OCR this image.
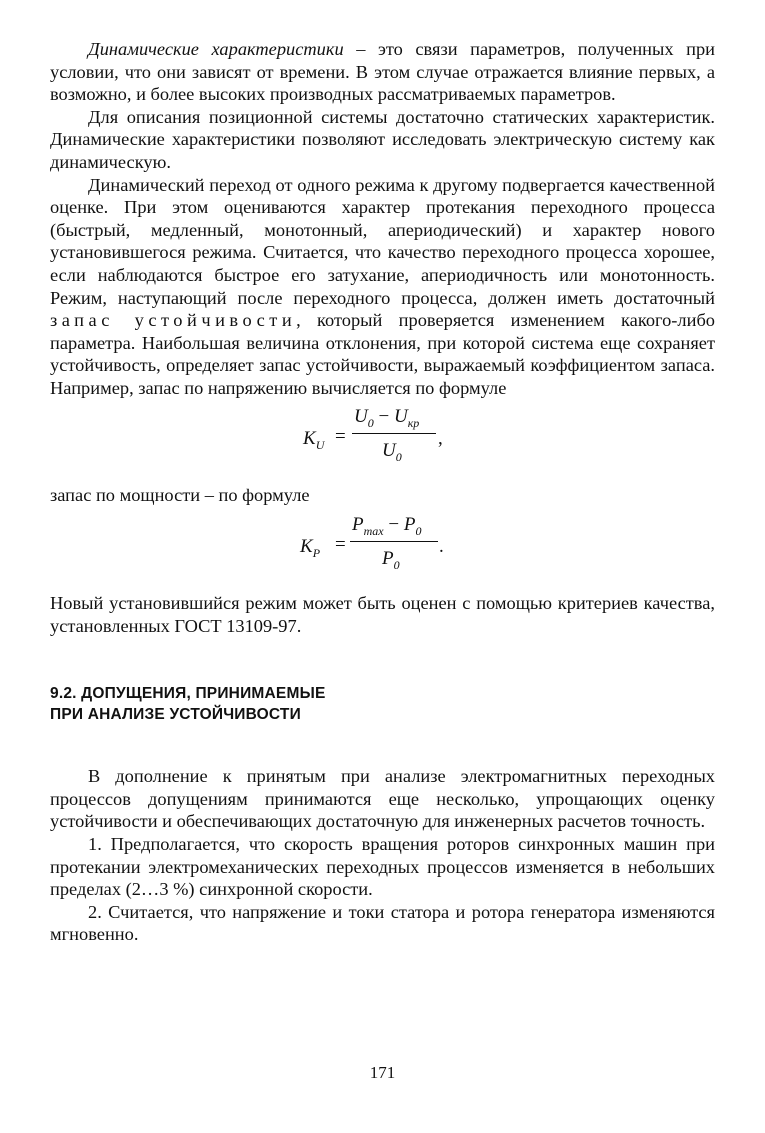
Динамические характеристики – это связи параметров, полученных при условии, что они зависят от времени. В этом случае отражается влияние первых, а возможно, и более высоких производных рассматриваемых параметров.

Для описания позиционной системы достаточно статических характеристик. Динамические характеристики позволяют исследовать электрическую систему как динамическую.

Динамический переход от одного режима к другому подвергается качественной оценке. При этом оцениваются характер протекания переходного процесса (быстрый, медленный, монотонный, апериодический) и характер нового установившегося режима. Считается, что качество переходного процесса хорошее, если наблюдаются быстрое его затухание, апериодичность или монотонность. Режим, наступающий после переходного процесса, должен иметь достаточный запас устойчивости, который проверяется изменением какого-либо параметра. Наибольшая величина отклонения, при которой система еще сохраняет устойчивость, определяет запас устойчивости, выражаемый коэффициентом запаса. Например, запас по напряжению вычисляется по формуле

$K_U$ =
$U_0 - U_{кр}$
$U_0$
,

запас по мощности – по формуле

$K_P$ =
$P_{max} - P_0$
$P_0$
.

Новый установившийся режим может быть оценен с помощью критериев качества, установленных ГОСТ 13109-97.

9.2. ДОПУЩЕНИЯ, ПРИНИМАЕМЫЕ

ПРИ АНАЛИЗЕ УСТОЙЧИВОСТИ

В дополнение к принятым при анализе электромагнитных переходных процессов допущениям принимаются еще несколько, упрощающих оценку устойчивости и обеспечивающих достаточную для инженерных расчетов точность.

1. Предполагается, что скорость вращения роторов синхронных машин при протекании электромеханических переходных процессов изменяется в небольших пределах (2…3 %) синхронной скорости.

2. Считается, что напряжение и токи статора и ротора генератора изменяются мгновенно.

171
